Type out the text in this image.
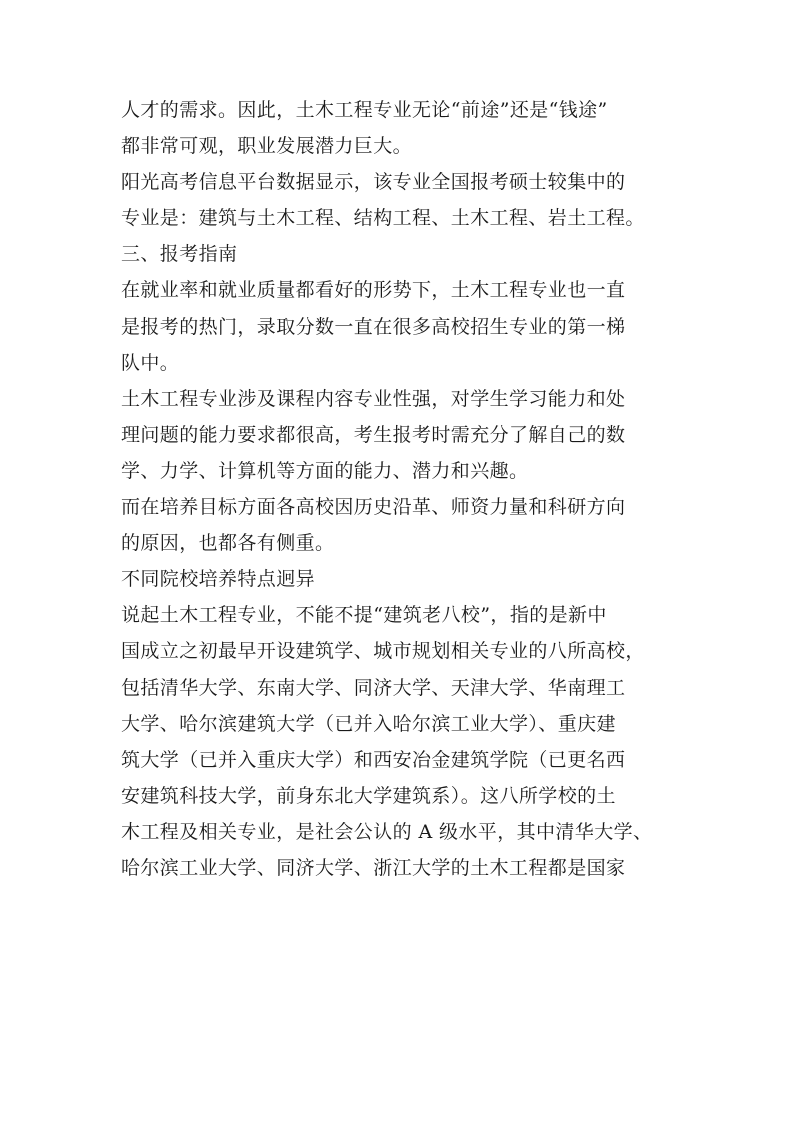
人才的需求。因此，土木工程专业无论“前途”还是“钱途”
都非常可观，职业发展潜力巨大。
阳光高考信息平台数据显示，该专业全国报考硕士较集中的
专业是：建筑与土木工程、结构工程、土木工程、岩土工程。
三、报考指南
在就业率和就业质量都看好的形势下，土木工程专业也一直
是报考的热门，录取分数一直在很多高校招生专业的第一梯
队中。
土木工程专业涉及课程内容专业性强，对学生学习能力和处
理问题的能力要求都很高，考生报考时需充分了解自己的数
学、力学、计算机等方面的能力、潜力和兴趣。
而在培养目标方面各高校因历史沿革、师资力量和科研方向
的原因，也都各有侧重。
不同院校培养特点迥异
说起土木工程专业，不能不提“建筑老八校”，指的是新中
国成立之初最早开设建筑学、城市规划相关专业的八所高校，
包括清华大学、东南大学、同济大学、天津大学、华南理工
大学、哈尔滨建筑大学（已并入哈尔滨工业大学）、重庆建
筑大学（已并入重庆大学）和西安冶金建筑学院（已更名西
安建筑科技大学，前身东北大学建筑系）。这八所学校的土
木工程及相关专业，是社会公认的 A 级水平，其中清华大学、
哈尔滨工业大学、同济大学、浙江大学的土木工程都是国家
